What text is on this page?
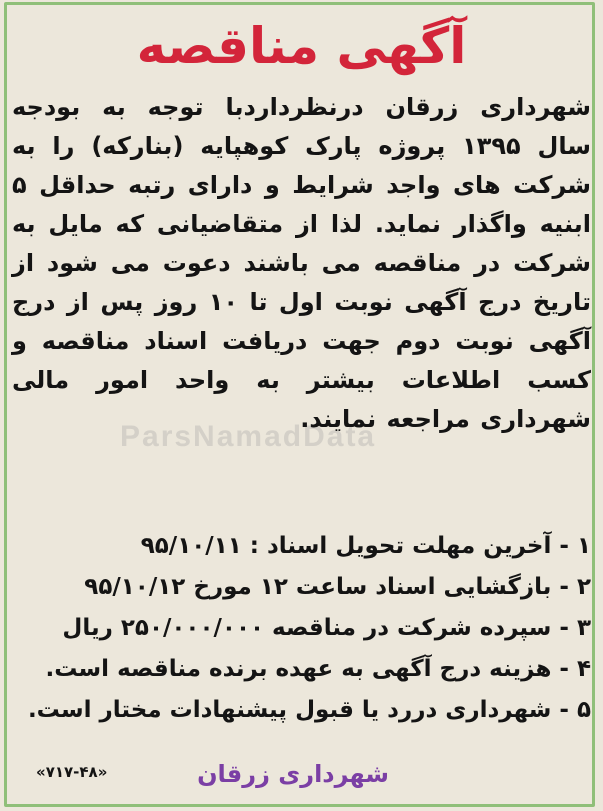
ParsNamadData
آگهی مناقصه
شهرداری زرقان درنظرداردبا توجه به بودجه سال ۱۳۹۵ پروژه پارک کوهپایه (بنارکه) را به شرکت های واجد شرایط و دارای رتبه حداقل ۵ ابنیه واگذار نماید. لذا از متقاضیانی که مایل به شرکت در مناقصه می باشند دعوت می شود از تاریخ درج آگهی نوبت اول تا ۱۰ روز پس از درج آگهی نوبت دوم جهت دریافت اسناد مناقصه و کسب اطلاعات بیشتر به واحد امور مالی شهرداری مراجعه نمایند.
۱ - آخرین مهلت تحویل اسناد : ۹۵/۱۰/۱۱
۲ - بازگشایی اسناد ساعت ۱۲ مورخ ۹۵/۱۰/۱۲
۳ - سپرده شرکت در مناقصه ۲۵۰/۰۰۰/۰۰۰ ریال
۴ - هزینه درج آگهی به عهده برنده مناقصه است.
۵ - شهرداری دررد یا قبول پیشنهادات مختار است.
شهرداری زرقان
«۷۱۷-۴۸»
